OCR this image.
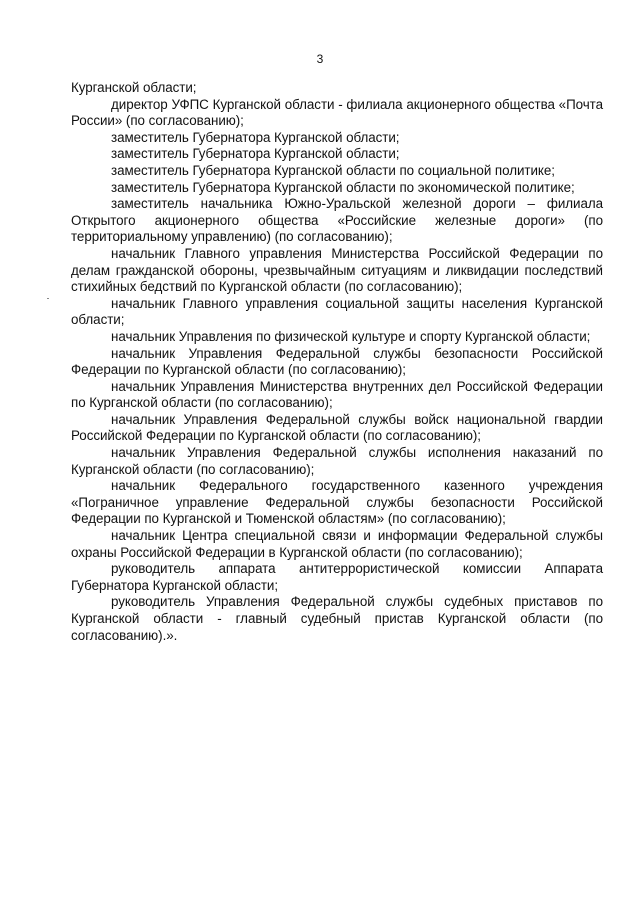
3

Курганской области;

директор УФПС Курганской области - филиала акционерного общества «Почта России» (по согласованию);

заместитель Губернатора Курганской области;

заместитель Губернатора Курганской области;

заместитель Губернатора Курганской области по социальной политике;

заместитель Губернатора Курганской области по экономической политике;

заместитель начальника Южно-Уральской железной дороги – филиала Открытого акционерного общества «Российские железные дороги» (по территориальному управлению) (по согласованию);

начальник Главного управления Министерства Российской Федерации по делам гражданской обороны, чрезвычайным ситуациям и ликвидации последствий стихийных бедствий по Курганской области (по согласованию);

начальник Главного управления социальной защиты населения Курганской области;

начальник Управления по физической культуре и спорту Курганской области;

начальник Управления Федеральной службы безопасности Российской Федерации по Курганской области (по согласованию);

начальник Управления Министерства внутренних дел Российской Федерации по Курганской области (по согласованию);

начальник Управления Федеральной службы войск национальной гвардии Российской Федерации по Курганской области (по согласованию);

начальник Управления Федеральной службы исполнения наказаний по Курганской области (по согласованию);

начальник Федерального государственного казенного учреждения «Пограничное управление Федеральной службы безопасности Российской Федерации по Курганской и Тюменской областям» (по согласованию);

начальник Центра специальной связи и информации Федеральной службы охраны Российской Федерации в Курганской области (по согласованию);

руководитель аппарата антитеррористической комиссии Аппарата Губернатора Курганской области;

руководитель Управления Федеральной службы судебных приставов по Курганской области - главный судебный пристав Курганской области (по согласованию).».
